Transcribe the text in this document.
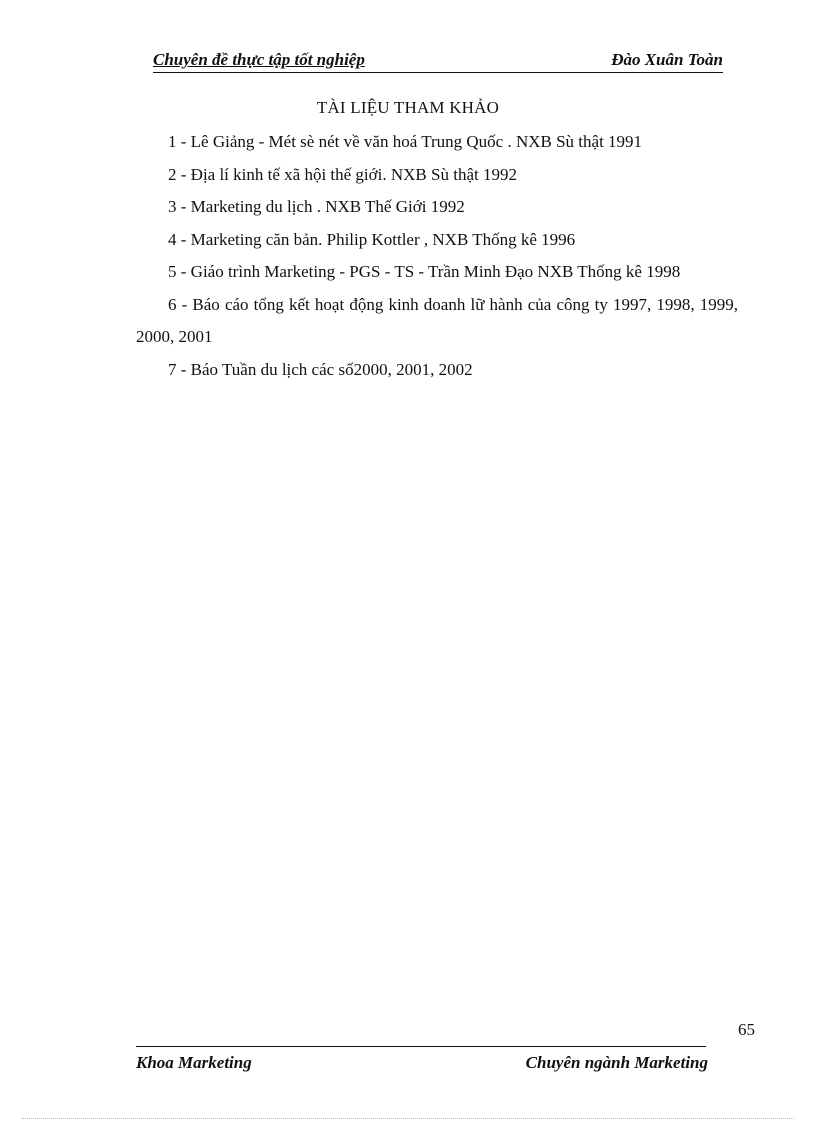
Chuyên đề thực tập tốt nghiệp	Đào Xuân Toàn
TÀI LIỆU THAM KHẢO

1 - Lê Giảng - Mét sè nét về văn hoá Trung Quốc . NXB Sù thật 1991

2 - Địa lí kinh tế xã hội thế giới. NXB Sù thật 1992

3 - Marketing du lịch . NXB Thế Giới 1992

4 - Marketing căn bản. Philip Kottler , NXB Thống kê 1996

5 - Giáo trình Marketing - PGS - TS - Trần Minh Đạo NXB Thống kê 1998

6 - Báo cáo tổng kết hoạt động kinh doanh lữ hành của công ty 1997, 1998, 1999, 2000, 2001

7 - Báo Tuần du lịch các số2000, 2001, 2002

65
Khoa Marketing	Chuyên ngành Marketing
